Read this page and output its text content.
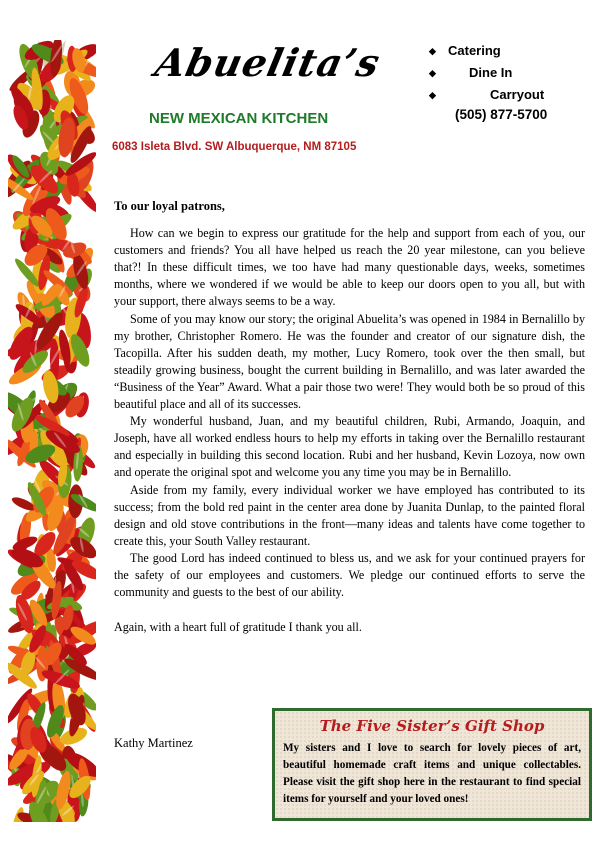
Abuelita’s
NEW MEXICAN KITCHEN
6083 Isleta Blvd. SW Albuquerque, NM 87105
◆ Catering
◆	Dine In
◆	Carryout
(505) 877-5700

To our loyal patrons,

How can we begin to express our gratitude for the help and support from each of you, our customers and friends? You all have helped us reach the 20 year milestone, can you believe that?! In these difficult times, we too have had many questionable days, weeks, sometimes months, where we wondered if we would be able to keep our doors open to you all, but with your support, there always seems to be a way.

Some of you may know our story; the original Abuelita’s was opened in 1984 in Bernalillo by my brother, Christopher Romero. He was the founder and creator of our signature dish, the Tacopilla. After his sudden death, my mother, Lucy Romero, took over the then small, but steadily growing business, bought the current building in Bernalillo, and was later awarded the “Business of the Year” Award. What a pair those two were! They would both be so proud of this beautiful place and all of its successes.

My wonderful husband, Juan, and my beautiful children, Rubi, Armando, Joaquin, and Joseph, have all worked endless hours to help my efforts in taking over the Bernalillo restaurant and especially in building this second location. Rubi and her husband, Kevin Lozoya, now own and operate the original spot and welcome you any time you may be in Bernalillo.

Aside from my family, every individual worker we have employed has contributed to its success; from the bold red paint in the center area done by Juanita Dunlap, to the painted floral design and old stove contributions in the front—many ideas and talents have come together to create this, your South Valley restaurant.

The good Lord has indeed continued to bless us, and we ask for your continued prayers for the safety of our employees and customers. We pledge our continued efforts to serve the community and guests to the best of our ability.

Again, with a heart full of gratitude I thank you all.

Kathy Martinez
The Five Sister’s Gift Shop
My sisters and I love to search for lovely pieces of art, beautiful homemade craft items and unique collectables. Please visit the gift shop here in the restaurant to find special items for yourself and your loved ones!
